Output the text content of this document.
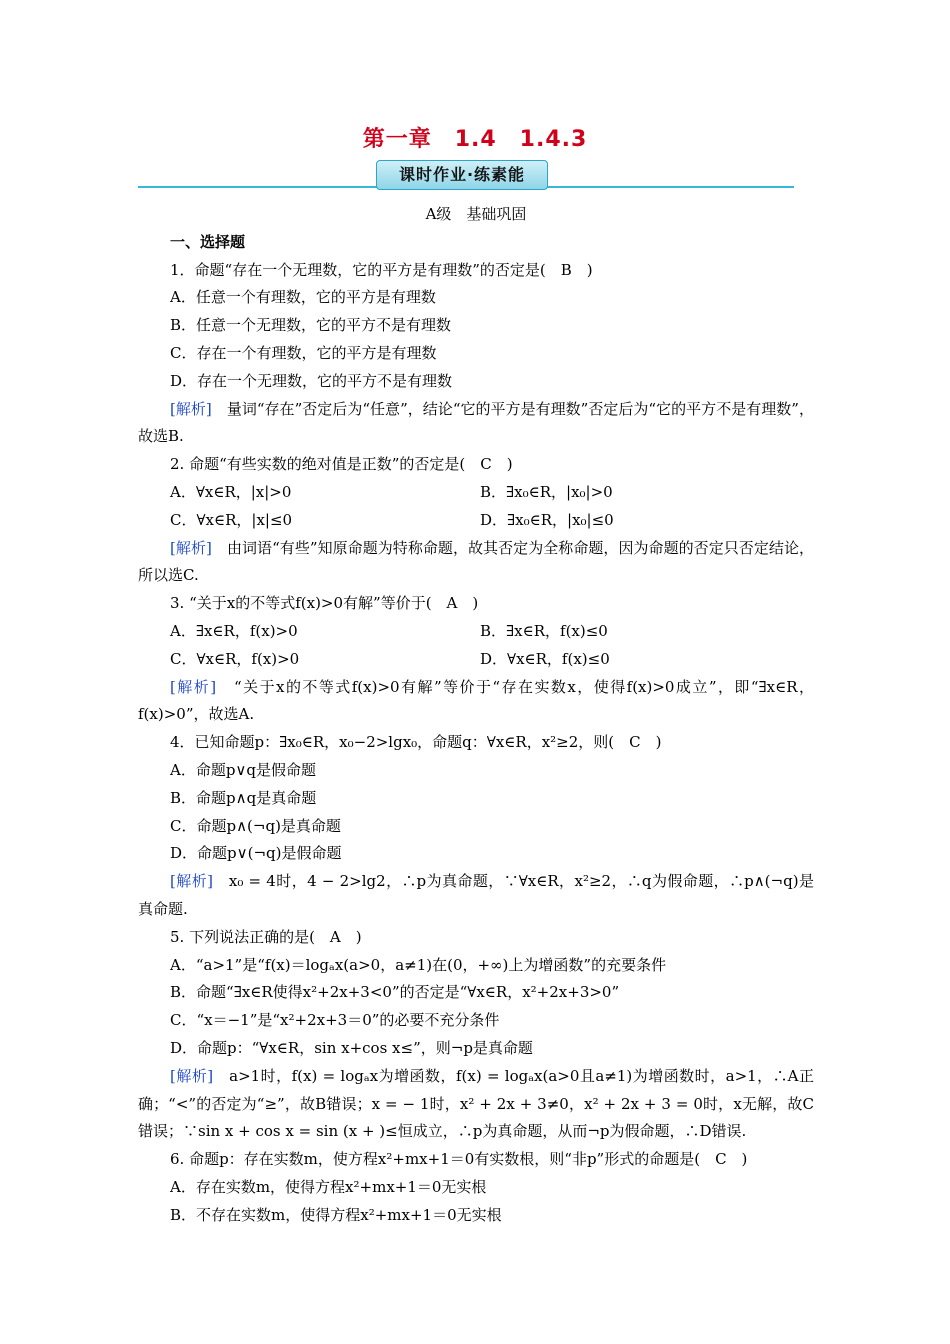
第一章　1.4　1.4.3
课时作业·练素能
A级　基础巩固
一、选择题
1．命题“存在一个无理数，它的平方是有理数”的否定是(　B　)
A．任意一个有理数，它的平方是有理数
B．任意一个无理数，它的平方不是有理数
C．存在一个有理数，它的平方是有理数
D．存在一个无理数，它的平方不是有理数
[解析]　 量词“存在”否定后为“任意”，结论“它的平方是有理数”否定后为“它的平方不是有理数”，故选B.
2. 命题“有些实数的绝对值是正数”的否定是(　C　)
A．∀x∈R，|x|>0	B．∃x₀∈R，|x₀|>0
C．∀x∈R，|x|≤0	D．∃x₀∈R，|x₀|≤0
[解析]　 由词语“有些”知原命题为特称命题，故其否定为全称命题，因为命题的否定只否定结论，所以选C.
3. “关于x的不等式f(x)>0有解”等价于(　A　)
A．∃x∈R，f(x)>0	B．∃x∈R，f(x)≤0
C．∀x∈R，f(x)>0	D．∀x∈R，f(x)≤0
[解析]　 “关于x的不等式f(x)>0有解”等价于“存在实数x，使得f(x)>0成立”，即“∃x∈R，f(x)>0”，故选A.
4．已知命题p：∃x₀∈R，x₀−2>lgx₀，命题q：∀x∈R，x²≥2，则(　C　)
A．命题p∨q是假命题
B．命题p∧q是真命题
C．命题p∧(¬q)是真命题
D．命题p∨(¬q)是假命题
[解析]　 x₀ = 4时，4 − 2>lg2，∴p为真命题，∵∀x∈R，x²≥2，∴q为假命题，∴p∧(¬q)是真命题.
5. 下列说法正确的是(　A　)
A．“a>1”是“f(x)＝logₐx(a>0，a≠1)在(0，+∞)上为增函数”的充要条件
B．命题“∃x∈R使得x²+2x+3<0”的否定是“∀x∈R，x²+2x+3>0”
C．“x＝−1”是“x²+2x+3＝0”的必要不充分条件
D．命题p：“∀x∈R，sin x+cos x≤”，则¬p是真命题
[解析]　 a>1时，f(x) = logₐx为增函数，f(x) = logₐx(a>0且a≠1)为增函数时，a>1，∴A正确；“<”的否定为“≥”，故B错误；x = − 1时，x² + 2x + 3≠0，x² + 2x + 3 = 0时，x无解，故C错误；∵sin x + cos x = sin (x + )≤恒成立，∴p为真命题，从而¬p为假命题，∴D错误.
6. 命题p：存在实数m，使方程x²+mx+1＝0有实数根，则“非p”形式的命题是(　C　)
A．存在实数m，使得方程x²+mx+1＝0无实根
B．不存在实数m，使得方程x²+mx+1＝0无实根
